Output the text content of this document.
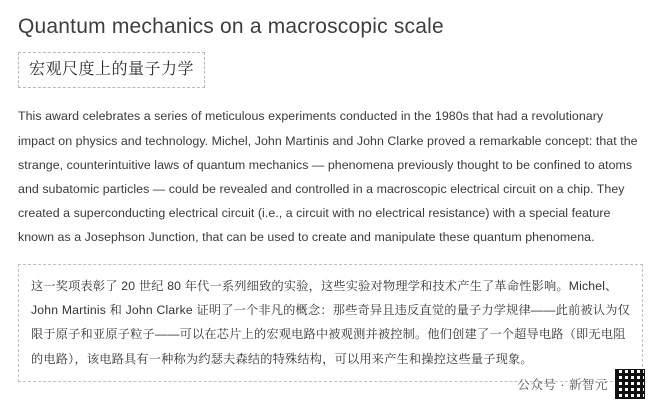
Quantum mechanics on a macroscopic scale
宏观尺度上的量子力学

This award celebrates a series of meticulous experiments conducted in the 1980s that had a revolutionary impact on physics and technology. Michel, John Martinis and John Clarke proved a remarkable concept: that the strange, counterintuitive laws of quantum mechanics — phenomena previously thought to be confined to atoms and subatomic particles — could be revealed and controlled in a macroscopic electrical circuit on a chip. They created a superconducting electrical circuit (i.e., a circuit with no electrical resistance) with a special feature known as a Josephson Junction, that can be used to create and manipulate these quantum phenomena.

这一奖项表彰了 20 世纪 80 年代一系列细致的实验，这些实验对物理学和技术产生了革命性影响。Michel、John Martinis 和 John Clarke 证明了一个非凡的概念：那些奇异且违反直觉的量子力学规律——此前被认为仅限于原子和亚原子粒子——可以在芯片上的宏观电路中被观测并被控制。他们创建了一个超导电路（即无电阻的电路），该电路具有一种称为约瑟夫森结的特殊结构，可以用来产生和操控这些量子现象。

公众号 · 新智元
